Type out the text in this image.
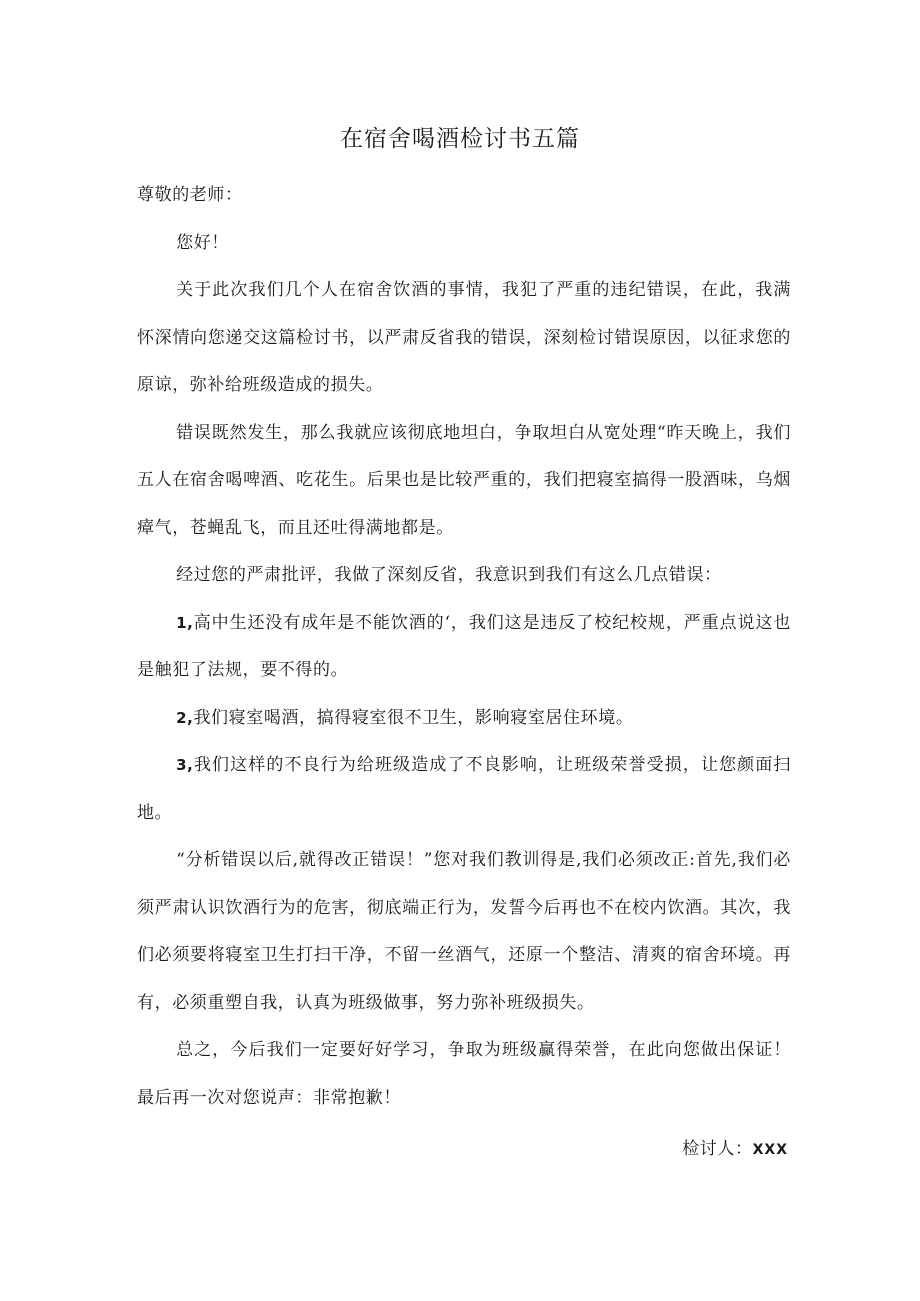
在宿舍喝酒检讨书五篇

尊敬的老师：

您好！

关于此次我们几个人在宿舍饮酒的事情，我犯了严重的违纪错误，在此，我满怀深情向您递交这篇检讨书，以严肃反省我的错误，深刻检讨错误原因，以征求您的原谅，弥补给班级造成的损失。

错误既然发生，那么我就应该彻底地坦白，争取坦白从宽处理“昨天晚上，我们五人在宿舍喝啤酒、吃花生。后果也是比较严重的，我们把寝室搞得一股酒味，乌烟瘴气，苍蝇乱飞，而且还吐得满地都是。

经过您的严肃批评，我做了深刻反省，我意识到我们有这么几点错误：

1,高中生还没有成年是不能饮酒的‘，我们这是违反了校纪校规，严重点说这也是触犯了法规，要不得的。

2,我们寝室喝酒，搞得寝室很不卫生，影响寝室居住环境。

3,我们这样的不良行为给班级造成了不良影响，让班级荣誉受损，让您颜面扫地。

“分析错误以后,就得改正错误！”您对我们教训得是,我们必须改正:首先,我们必须严肃认识饮酒行为的危害，彻底端正行为，发誓今后再也不在校内饮酒。其次，我们必须要将寝室卫生打扫干净，不留一丝酒气，还原一个整洁、清爽的宿舍环境。再有，必须重塑自我，认真为班级做事，努力弥补班级损失。

总之，今后我们一定要好好学习，争取为班级赢得荣誉，在此向您做出保证！最后再一次对您说声：非常抱歉！

检讨人：XXX
